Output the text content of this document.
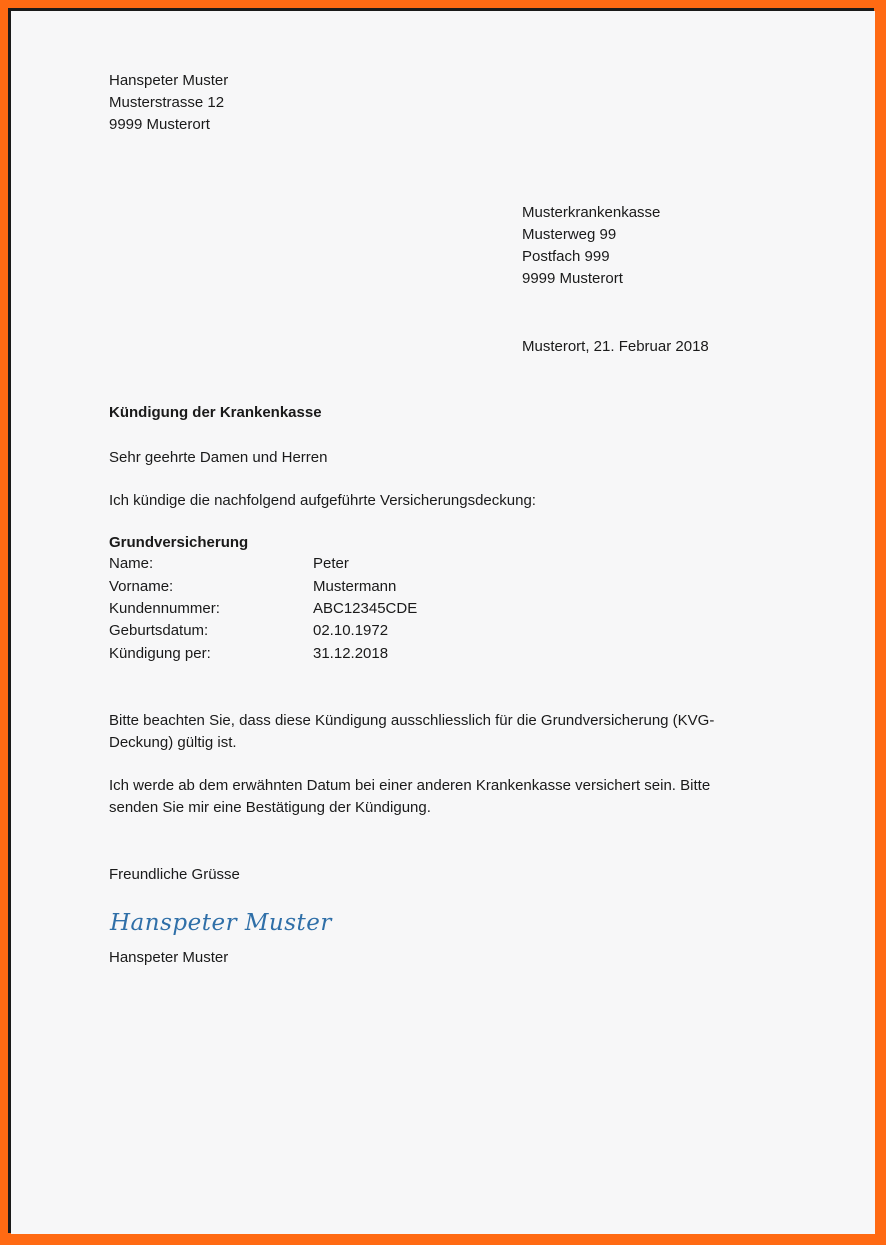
Hanspeter Muster
Musterstrasse 12
9999 Musterort
Musterkrankenkasse
Musterweg 99
Postfach 999
9999 Musterort
Musterort, 21. Februar 2018
Kündigung der Krankenkasse
Sehr geehrte Damen und Herren
Ich kündige die nachfolgend aufgeführte Versicherungsdeckung:
Grundversicherung
Name:	Peter
Vorname:	Mustermann
Kundennummer:	ABC12345CDE
Geburtsdatum:	02.10.1972
Kündigung per:	31.12.2018
Bitte beachten Sie, dass diese Kündigung ausschliesslich für die Grundversicherung (KVG-
Deckung) gültig ist.
Ich werde ab dem erwähnten Datum bei einer anderen Krankenkasse versichert sein. Bitte
senden Sie mir eine Bestätigung der Kündigung.
Freundliche Grüsse
Hanspeter Muster
Hanspeter Muster
